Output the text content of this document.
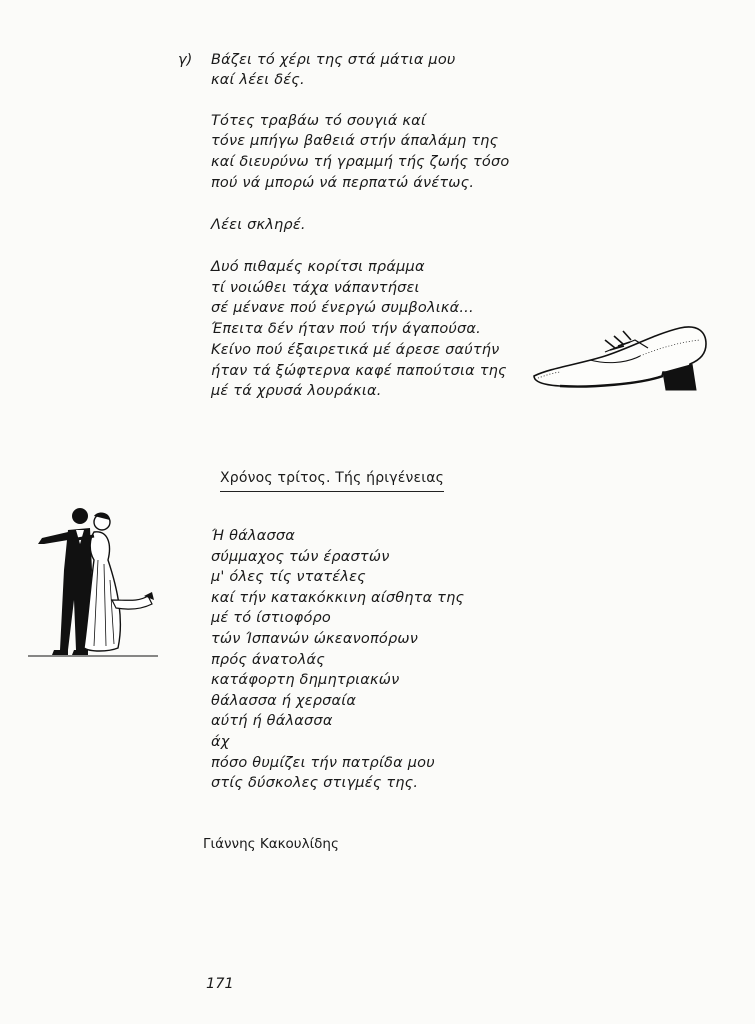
γ) Βάζει τό χέρι της στά μάτια μου
καί λέει δές.
Τότες τραβάω τό σουγιά καί
τόνε μπήγω βαθειά στήν άπαλάμη της
καί διευρύνω τή γραμμή τής ζωής τόσο
πού νά μπορώ νά περπατώ άνέτως.
Λέει σκληρέ.
Δυό πιθαμές κορίτσι πράμμα
τί νοιώθει τάχα νάπαντήσει
σέ μένανε πού ένεργώ συμβολικά...
Έπειτα δέν ήταν πού τήν άγαπούσα.
Κείνο πού έξαιρετικά μέ άρεσε σαύτήν
ήταν τά ξώφτερνα καφέ παπούτσια της
μέ τά χρυσά λουράκια.
Χρόνος τρίτος. Τής ήριγένειας
Ή θάλασσα
σύμμαχος τών έραστών
μ' όλες τίς ντατέλες
καί τήν κατακόκκινη αίσθητα της
μέ τό ίστιοφόρο
τών Ίσπανών ώκεανοπόρων
πρός άνατολάς
κατάφορτη δημητριακών
θάλασσα ή χερσαία
αύτή ή θάλασσα
άχ
πόσο θυμίζει τήν πατρίδα μου
στίς δύσκολες στιγμές της.
Γιάννης Κακουλίδης
171
